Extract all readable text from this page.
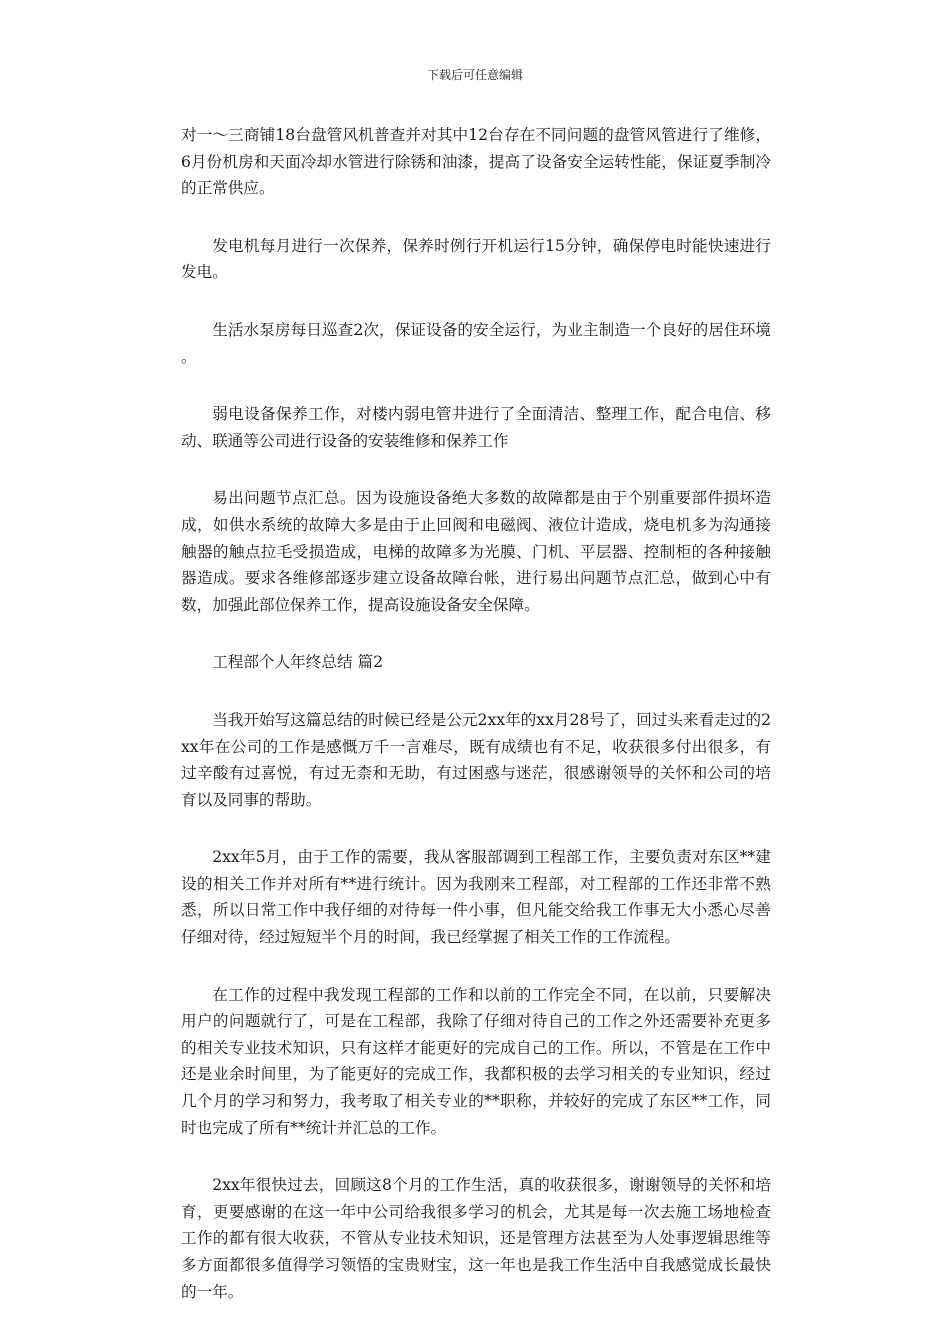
下载后可任意编辑

对一～三商铺18台盘管风机普查并对其中12台存在不同问题的盘管风管进行了维修，6月份机房和天面冷却水管进行除锈和油漆，提高了设备安全运转性能，保证夏季制冷的正常供应。

发电机每月进行一次保养，保养时例行开机运行15分钟，确保停电时能快速进行发电。

生活水泵房每日巡查2次，保证设备的安全运行，为业主制造一个良好的居住环境。

弱电设备保养工作，对楼内弱电管井进行了全面清洁、整理工作，配合电信、移动、联通等公司进行设备的安装维修和保养工作

易出问题节点汇总。因为设施设备绝大多数的故障都是由于个别重要部件损坏造成，如供水系统的故障大多是由于止回阀和电磁阀、液位计造成，烧电机多为沟通接触器的触点拉毛受损造成，电梯的故障多为光膜、门机、平层器、控制柜的各种接触器造成。要求各维修部逐步建立设备故障台帐，进行易出问题节点汇总，做到心中有数，加强此部位保养工作，提高设施设备安全保障。

工程部个人年终总结 篇2

当我开始写这篇总结的时候已经是公元2xx年的xx月28号了，回过头来看走过的2xx年在公司的工作是感慨万千一言难尽，既有成绩也有不足，收获很多付出很多，有过辛酸有过喜悦，有过无柰和无助，有过困惑与迷茫，很感谢领导的关怀和公司的培育以及同事的帮助。

2xx年5月，由于工作的需要，我从客服部调到工程部工作，主要负责对东区**建设的相关工作并对所有**进行统计。因为我刚来工程部，对工程部的工作还非常不熟悉，所以日常工作中我仔细的对待每一件小事，但凡能交给我工作事无大小悉心尽善仔细对待，经过短短半个月的时间，我已经掌握了相关工作的工作流程。

在工作的过程中我发现工程部的工作和以前的工作完全不同，在以前，只要解决用户的问题就行了，可是在工程部，我除了仔细对待自己的工作之外还需要补充更多的相关专业技术知识，只有这样才能更好的完成自己的工作。所以，不管是在工作中还是业余时间里，为了能更好的完成工作，我都积极的去学习相关的专业知识，经过几个月的学习和努力，我考取了相关专业的**职称，并较好的完成了东区**工作，同时也完成了所有**统计并汇总的工作。

2xx年很快过去，回顾这8个月的工作生活，真的收获很多，谢谢领导的关怀和培育，更要感谢的在这一年中公司给我很多学习的机会，尤其是每一次去施工场地检查工作的都有很大收获，不管从专业技术知识，还是管理方法甚至为人处事逻辑思维等多方面都很多值得学习领悟的宝贵财宝，这一年也是我工作生活中自我感觉成长最快的一年。
